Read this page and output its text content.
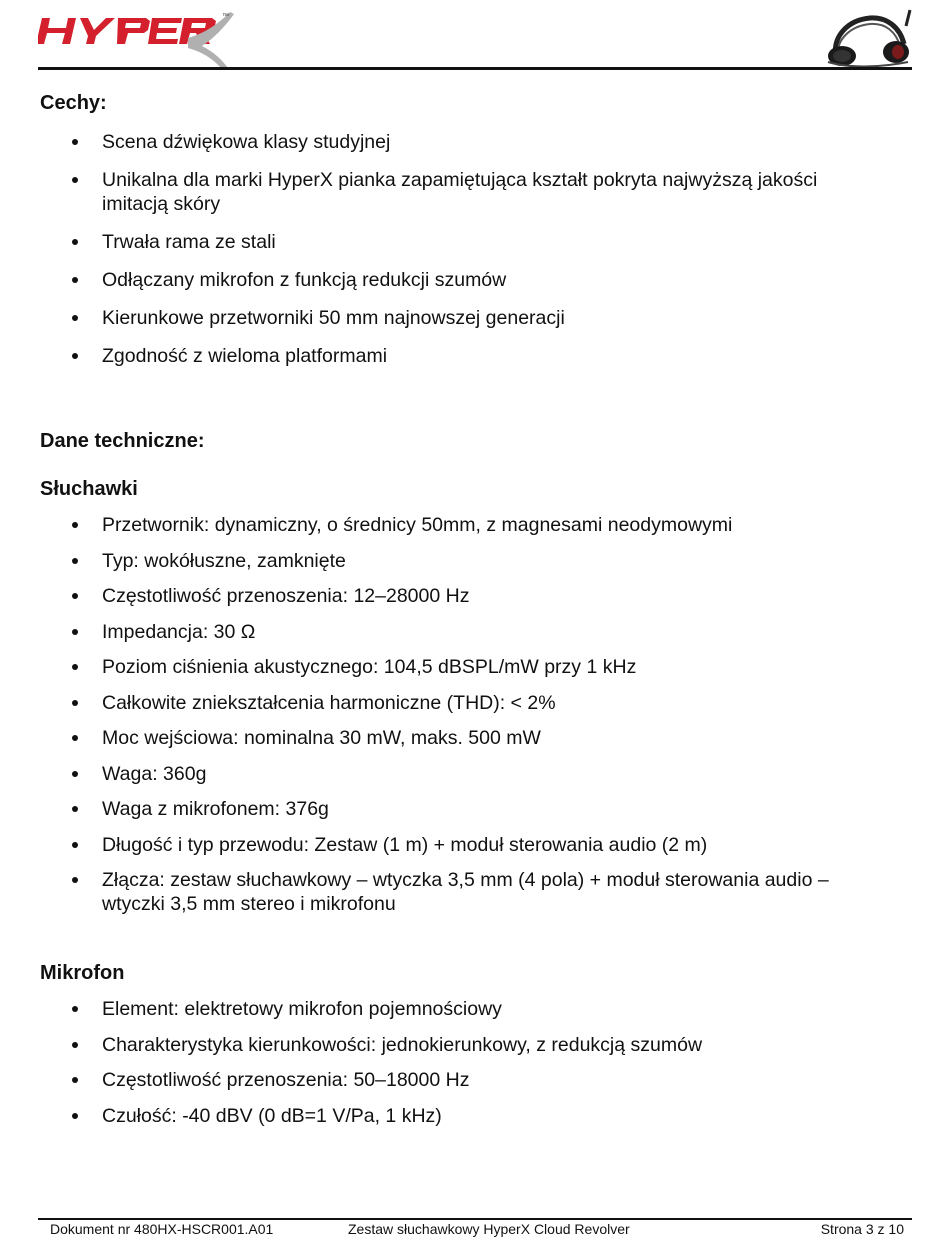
™
Cechy:
Scena dźwiękowa klasy studyjnej
Unikalna dla marki HyperX pianka zapamiętująca kształt pokryta najwyższą jakości imitacją skóry
Trwała rama ze stali
Odłączany mikrofon z funkcją redukcji szumów
Kierunkowe przetworniki 50 mm najnowszej generacji
Zgodność z wieloma platformami
Dane techniczne:
Słuchawki
Przetwornik: dynamiczny, o średnicy 50mm, z magnesami neodymowymi
Typ: wokółuszne, zamknięte
Częstotliwość przenoszenia: 12–28000 Hz
Impedancja: 30 Ω
Poziom ciśnienia akustycznego: 104,5 dBSPL/mW przy 1 kHz
Całkowite zniekształcenia harmoniczne (THD): < 2%
Moc wejściowa: nominalna 30 mW, maks. 500 mW
Waga: 360g
Waga z mikrofonem: 376g
Długość i typ przewodu: Zestaw (1 m) + moduł sterowania audio (2 m)
Złącza: zestaw słuchawkowy – wtyczka 3,5 mm (4 pola) + moduł sterowania audio – wtyczki 3,5 mm stereo i mikrofonu
Mikrofon
Element: elektretowy mikrofon pojemnościowy
Charakterystyka kierunkowości: jednokierunkowy, z redukcją szumów
Częstotliwość przenoszenia: 50–18000 Hz
Czułość: -40 dBV (0 dB=1 V/Pa, 1 kHz)
Dokument nr 480HX-HSCR001.A01	Zestaw słuchawkowy HyperX Cloud Revolver	Strona 3 z 10
